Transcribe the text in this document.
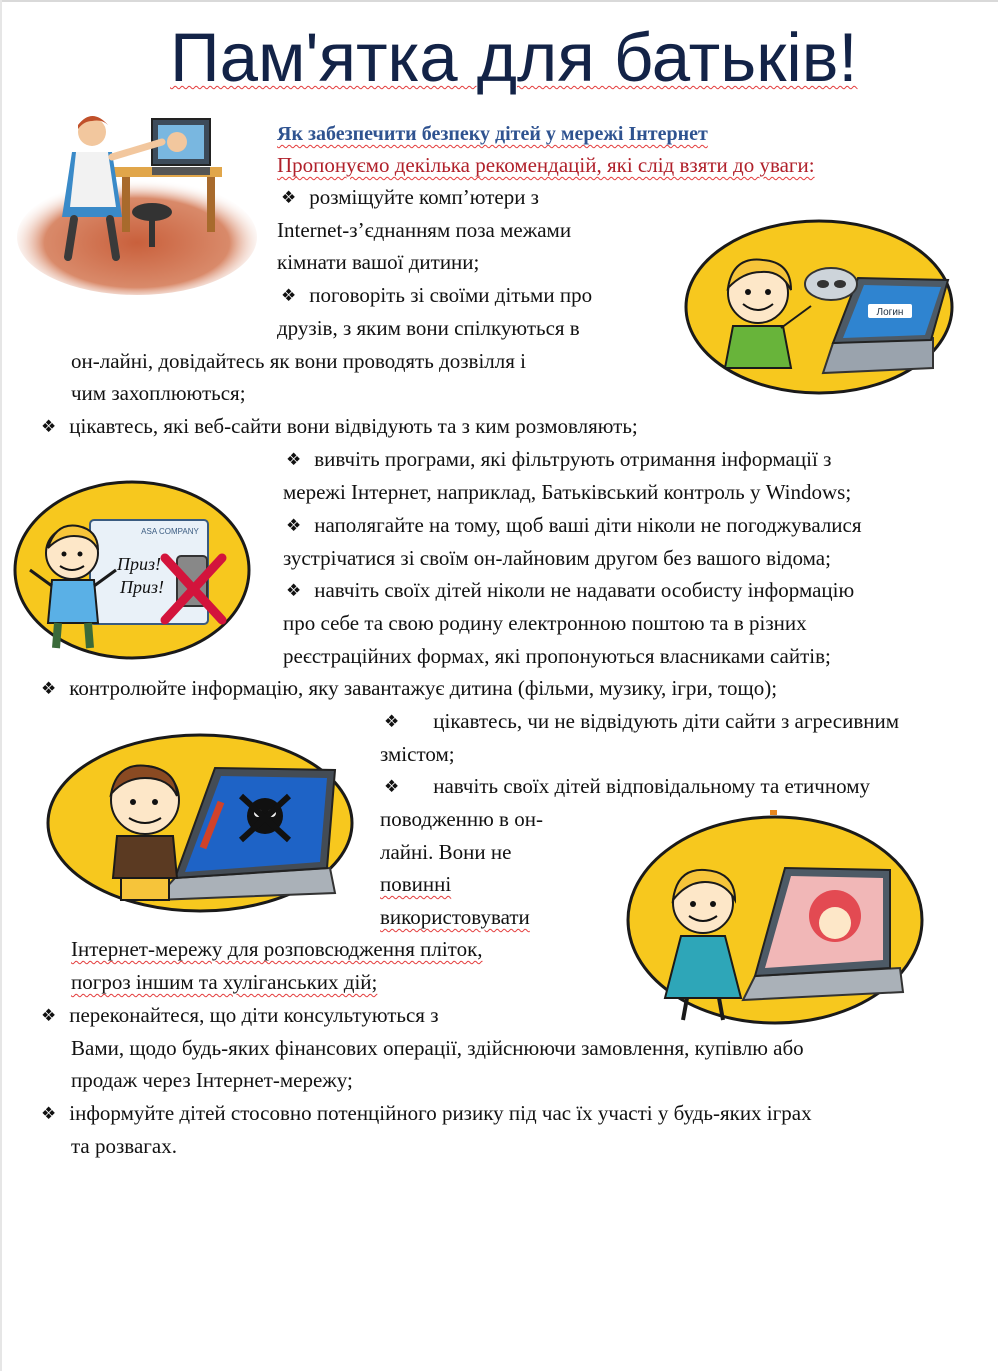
Пам'ятка для батьків!
Логин
ASA COMPANY
Приз!
Приз!
Як забезпечити безпеку дітей у мережі Інтернет
Пропонуємо декілька рекомендацій, які слід взяти до уваги:
❖ розміщуйте комп’ютери з
Internet-з’єднанням поза межами
кімнати вашої дитини;
❖ поговоріть зі своїми дітьми про
друзів, з яким вони спілкуються в
он-лайні, довідайтесь як вони проводять дозвілля і
чим захоплюються;
❖ цікавтесь, які веб-сайти вони відвідують та з ким розмовляють;
❖ вивчіть програми, які фільтрують отримання інформації з
мережі Інтернет, наприклад, Батьківський контроль у Windows;
❖ наполягайте на тому, щоб ваші діти ніколи не погоджувалися
зустрічатися зі своїм он-лайновим другом без вашого відома;
❖ навчіть своїх дітей ніколи не надавати особисту інформацію
про себе та свою родину електронною поштою та в різних
реєстраційних формах, які пропонуються власниками сайтів;
❖ контролюйте інформацію, яку завантажує дитина (фільми, музику, ігри, тощо);
❖ цікавтесь, чи не відвідують діти сайти з агресивним
змістом;
❖ навчіть своїх дітей відповідальному та етичному
поводженню в он-
лайні. Вони не
повинні
використовувати
Інтернет-мережу для розповсюдження пліток,
погроз іншим та хуліганських дій;
❖ переконайтеся, що діти консультуються з
Вами, щодо будь-яких фінансових операції, здійснюючи замовлення, купівлю або
продаж через Інтернет-мережу;
❖ інформуйте дітей стосовно потенційного ризику під час їх участі у будь-яких іграх
та розвагах.
